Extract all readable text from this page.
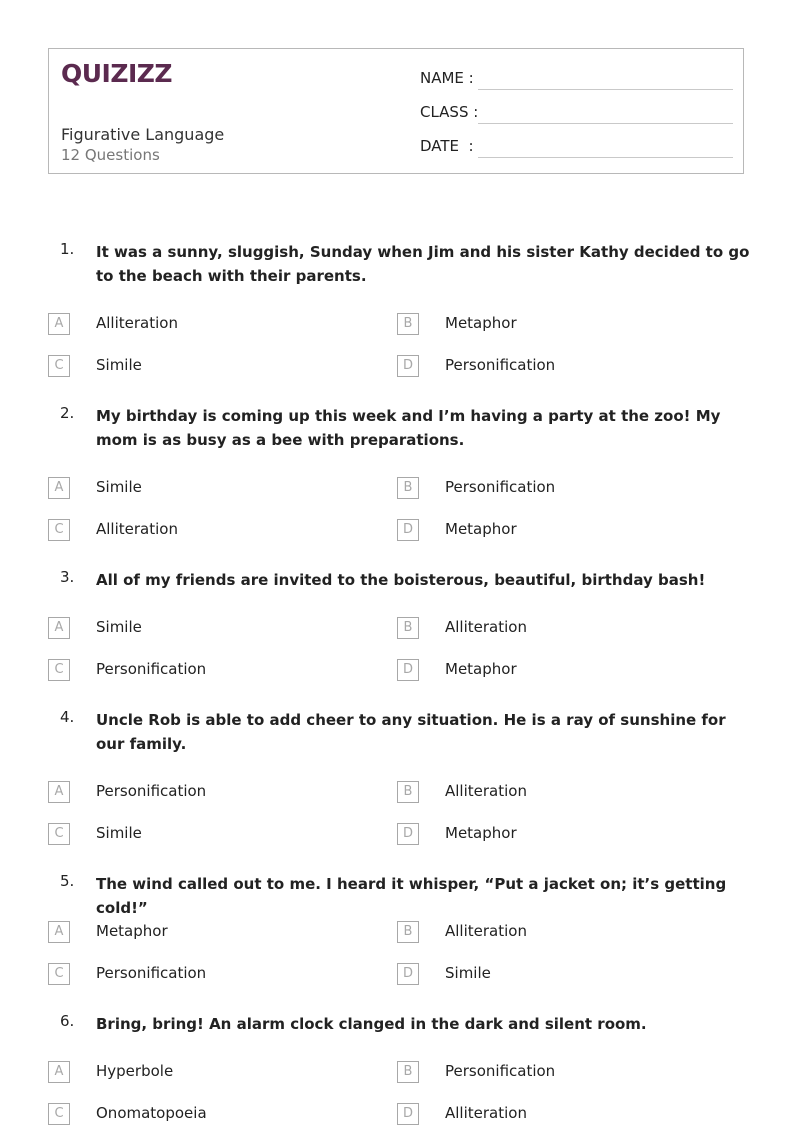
QUIZIZZ
Figurative Language
12 Questions
NAME :
CLASS :
DATE  :
1. It was a sunny, sluggish, Sunday when Jim and his sister Kathy decided to go to the beach with their parents.
A	Alliteration	B	Metaphor
C	Simile	D	Personification
2. My birthday is coming up this week and I’m having a party at the zoo! My mom is as busy as a bee with preparations.
A	Simile	B	Personification
C	Alliteration	D	Metaphor
3. All of my friends are invited to the boisterous, beautiful, birthday bash!
A	Simile	B	Alliteration
C	Personification	D	Metaphor
4. Uncle Rob is able to add cheer to any situation. He is a ray of sunshine for our family.
A	Personification	B	Alliteration
C	Simile	D	Metaphor
5. The wind called out to me. I heard it whisper, “Put a jacket on; it’s getting cold!”
A	Metaphor	B	Alliteration
C	Personification	D	Simile
6. Bring, bring! An alarm clock clanged in the dark and silent room.
A	Hyperbole	B	Personification
C	Onomatopoeia	D	Alliteration
